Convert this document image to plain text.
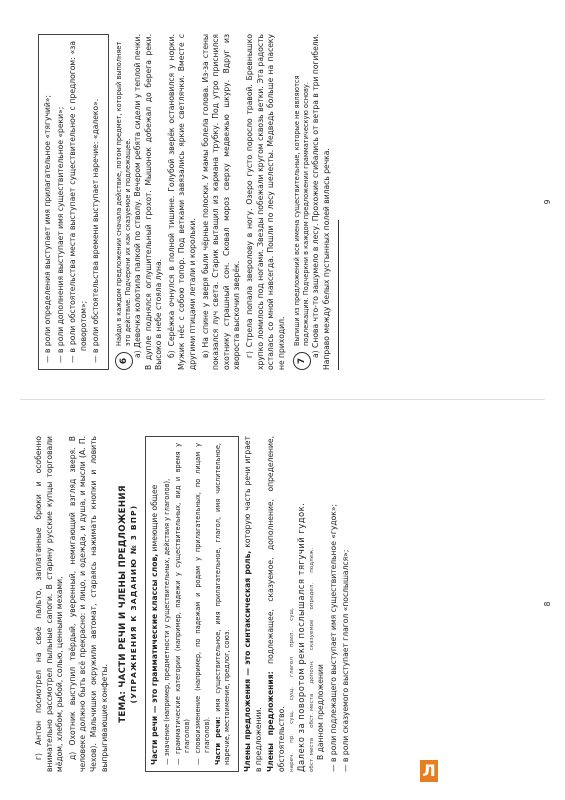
г) Антон посмотрел на своё пальто, заплатанные брюки и оcобенно внимательно рассмотрел пыльные сапоги. В старину русские купцы торговали мёдом, хлебом, рыбой, солью, ценными мехами, д) Охотник выступил твёрдый, уверенный, немигающий взгляд зверя. В человеке должно быть всё прекрасно: и лицо, и одежда, и душа, и мысли (А. П. Чехов). Мальчишки окружили автомат, стараясь нажимать кнопки и ловить выпрыгивающие конфеты. ТЕМА: ЧАСТИ РЕЧИ И ЧЛЕНЫ ПРЕДЛОЖЕНИЯ (УПРАЖНЕНИЯ К ЗАДАНИЮ № 3 ВПР) Части речи — это грамматические классы слов, имеющие общее — значение (например, предметности у существительных, действия у глаголов), — грамматические категории (например, падежи у существительных, вид и время у глаголов) — словоизменение (например, по падежам и родам у прилагательных, по лицам у глаголов). Части речи: имя существительное, имя прилагательное, глагол, имя числительное, наречие, местоимение, предлог, союз. Члены предложения — это синтаксическая роль, которую часть речи играет в предложении. Члены предложения: подлежащее, сказуемое, дополнение, определение, обстоятельство. нареч.
пр.
сущ.
сущ.
глагол
прил.
сущ. Далеко за поворотом реки послышался тягучий гудок. обст. места
обст. места
дополн.
сказуемое
определ.
подлеж.

В данном предложении — в роли подлежащего выступает имя существительное «гудок»; — в роли сказуемого выступает глагол «послышался»;	8

— в роли определения выступает имя прилагательное «тягучий»; — в роли дополнения выступает имя существительное «реки»; — в роли обстоятельства места выступает существительное с предлогом: «за поворотом»; — в роли обстоятельства времени выступает наречие: «далеко».	6
Найди в каждом предложении сначала действие, потом предмет, который выполняет это действие. Подчеркни их как сказуемое и подлежащее. а) Девочка колотила палкой по стволу. Вечером ребята сидели у теплой печки. В дупле поднялся оглушительный грохот. Мышонок добежал до берега реки. Высоко в небе стояла луна. б) Серёжка очнулся в полной тишине. Голубой зверёк остановился у норки. Мужик нёс с собою топор. Под ветками завязались яркие светлячки. Вместе с другими птицами летали и корольки. в) На спине у зверя были чёрные полоски. У мамы болела голова. Из-за стены показался луч света. Старик вытащил из кармана трубку. Под утро приснился охотнику страшный сон. Сковал мороз сверху медвежью шкуру. Вдруг из хворостa выскочил зверёк. г) Стрела попала зверолову в ногу. Озеро густо поросло травой. Бревнышко хрупко ломилось под ногами. Звезды побежали кругом сквозь ветки. Эта радость осталась со мной навсегда. Пошли по лесу шелесты. Медведь больше на пасеку не приходил.	7
Выпиши из предложений все имена существительные, которые не являются подлежащим. Подчеркни в каждом предложении грамматическую основу. а) Снова что-то зашумело в лесу. Прохожие сгибались от ветра в три погибели. Направо между белых пустынных полей вилась речка.	9
Л
